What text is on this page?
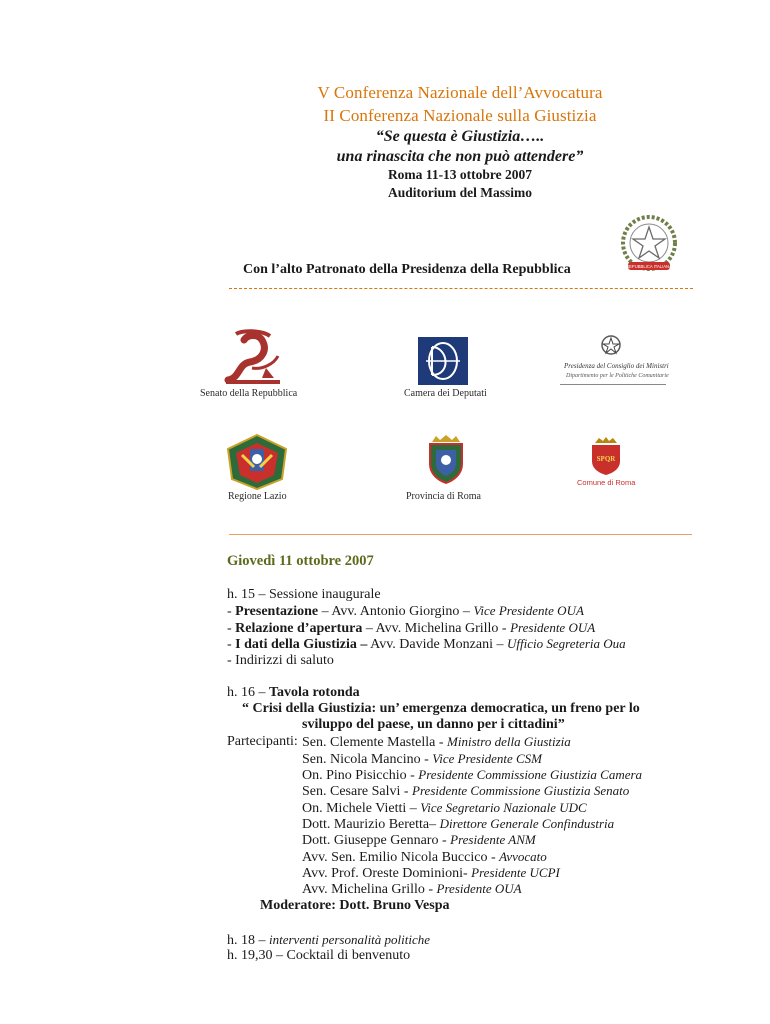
V Conferenza Nazionale dell’Avvocatura
II Conferenza Nazionale sulla Giustizia
“Se questa è Giustizia…..
una rinascita che non può attendere”
Roma 11-13 ottobre 2007
Auditorium del Massimo
REPUBBLICA ITALIANA
Con l’alto Patronato della Presidenza della Repubblica
Senato della Repubblica	Camera dei Deputati
Presidenza del Consiglio dei Ministri
Dipartimento per le Politiche Comunitarie
Regione Lazio	Provincia di Roma
SPQR
Comune di Roma
Giovedì 11 ottobre 2007
h. 15 – Sessione inaugurale
- Presentazione – Avv. Antonio Giorgino – Vice Presidente OUA
- Relazione d’apertura – Avv. Michelina Grillo - Presidente OUA
- I dati della Giustizia – Avv. Davide Monzani – Ufficio Segreteria Oua
- Indirizzi di saluto
h. 16 – Tavola rotonda
“ Crisi della Giustizia: un’ emergenza democratica, un freno per lo
sviluppo del paese, un danno per i cittadini”
Partecipanti: Sen. Clemente Mastella - Ministro della Giustizia
Sen. Nicola Mancino - Vice Presidente CSM
On. Pino Pisicchio - Presidente Commissione Giustizia Camera
Sen. Cesare Salvi - Presidente Commissione Giustizia Senato
On. Michele Vietti – Vice Segretario Nazionale UDC
Dott. Maurizio Beretta– Direttore Generale Confindustria
Dott. Giuseppe Gennaro - Presidente ANM
Avv. Sen. Emilio Nicola Buccico - Avvocato
Avv. Prof. Oreste Dominioni- Presidente UCPI
Avv. Michelina Grillo - Presidente OUA
Moderatore: Dott. Bruno Vespa
h. 18 – interventi personalità politiche
h. 19,30 – Cocktail di benvenuto
